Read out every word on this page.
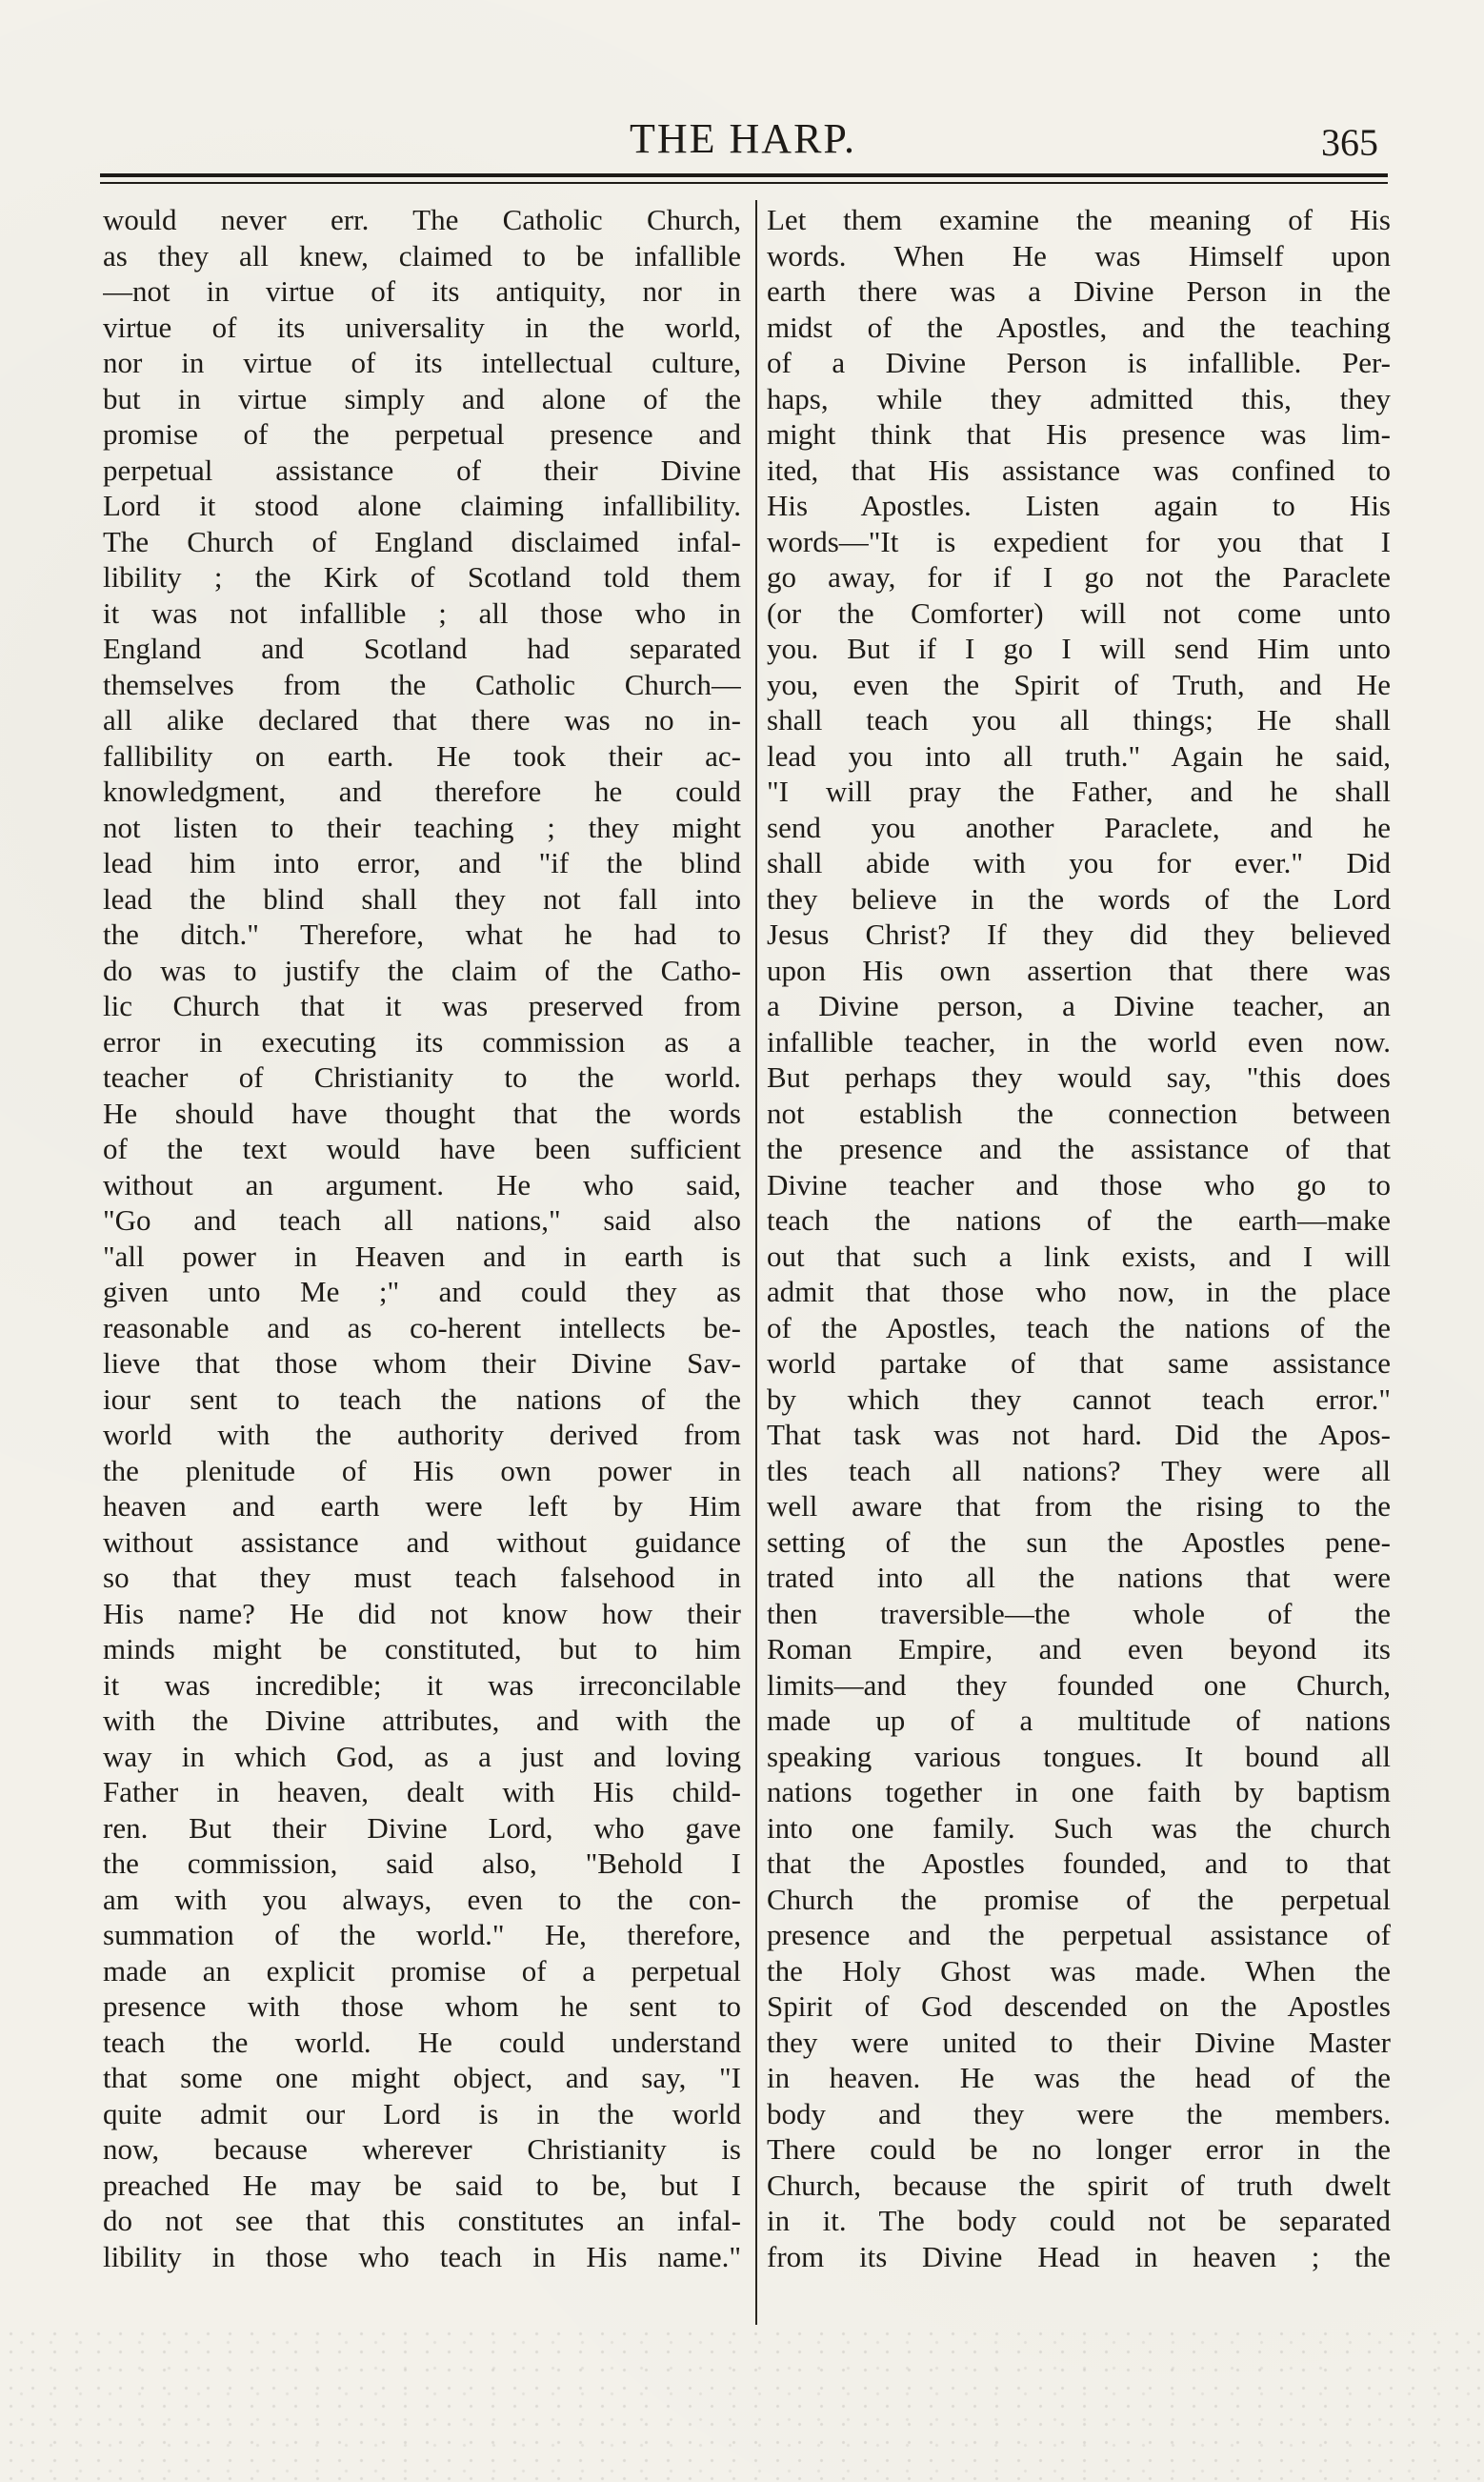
THE HARP.	365
would never err. The Catholic Church,
as they all knew, claimed to be infallible
—not in virtue of its antiquity, nor in
virtue of its universality in the world,
nor in virtue of its intellectual culture,
but in virtue simply and alone of the
promise of the perpetual presence and
perpetual assistance of their Divine
Lord it stood alone claiming infallibility.
The Church of England disclaimed infal-
libility ; the Kirk of Scotland told them
it was not infallible ; all those who in
England and Scotland had separated
themselves from the Catholic Church—
all alike declared that there was no in-
fallibility on earth. He took their ac-
knowledgment, and therefore he could
not listen to their teaching ; they might
lead him into error, and "if the blind
lead the blind shall they not fall into
the ditch." Therefore, what he had to
do was to justify the claim of the Catho-
lic Church that it was preserved from
error in executing its commission as a
teacher of Christianity to the world.
He should have thought that the words
of the text would have been sufficient
without an argument. He who said,
"Go and teach all nations," said also
"all power in Heaven and in earth is
given unto Me ;" and could they as
reasonable and as co-herent intellects be-
lieve that those whom their Divine Sav-
iour sent to teach the nations of the
world with the authority derived from
the plenitude of His own power in
heaven and earth were left by Him
without assistance and without guidance
so that they must teach falsehood in
His name? He did not know how their
minds might be constituted, but to him
it was incredible; it was irreconcilable
with the Divine attributes, and with the
way in which God, as a just and loving
Father in heaven, dealt with His child-
ren. But their Divine Lord, who gave
the commission, said also, "Behold I
am with you always, even to the con-
summation of the world." He, therefore,
made an explicit promise of a perpetual
presence with those whom he sent to
teach the world. He could understand
that some one might object, and say, "I
quite admit our Lord is in the world
now, because wherever Christianity is
preached He may be said to be, but I
do not see that this constitutes an infal-
libility in those who teach in His name."
Let them examine the meaning of His
words. When He was Himself upon
earth there was a Divine Person in the
midst of the Apostles, and the teaching
of a Divine Person is infallible. Per-
haps, while they admitted this, they
might think that His presence was lim-
ited, that His assistance was confined to
His Apostles. Listen again to His
words—"It is expedient for you that I
go away, for if I go not the Paraclete
(or the Comforter) will not come unto
you. But if I go I will send Him unto
you, even the Spirit of Truth, and He
shall teach you all things; He shall
lead you into all truth." Again he said,
"I will pray the Father, and he shall
send you another Paraclete, and he
shall abide with you for ever." Did
they believe in the words of the Lord
Jesus Christ? If they did they believed
upon His own assertion that there was
a Divine person, a Divine teacher, an
infallible teacher, in the world even now.
But perhaps they would say, "this does
not establish the connection between
the presence and the assistance of that
Divine teacher and those who go to
teach the nations of the earth—make
out that such a link exists, and I will
admit that those who now, in the place
of the Apostles, teach the nations of the
world partake of that same assistance
by which they cannot teach error."
That task was not hard. Did the Apos-
tles teach all nations? They were all
well aware that from the rising to the
setting of the sun the Apostles pene-
trated into all the nations that were
then traversible—the whole of the
Roman Empire, and even beyond its
limits—and they founded one Church,
made up of a multitude of nations
speaking various tongues. It bound all
nations together in one faith by baptism
into one family. Such was the church
that the Apostles founded, and to that
Church the promise of the perpetual
presence and the perpetual assistance of
the Holy Ghost was made. When the
Spirit of God descended on the Apostles
they were united to their Divine Master
in heaven. He was the head of the
body and they were the members.
There could be no longer error in the
Church, because the spirit of truth dwelt
in it. The body could not be separated
from its Divine Head in heaven ; the
